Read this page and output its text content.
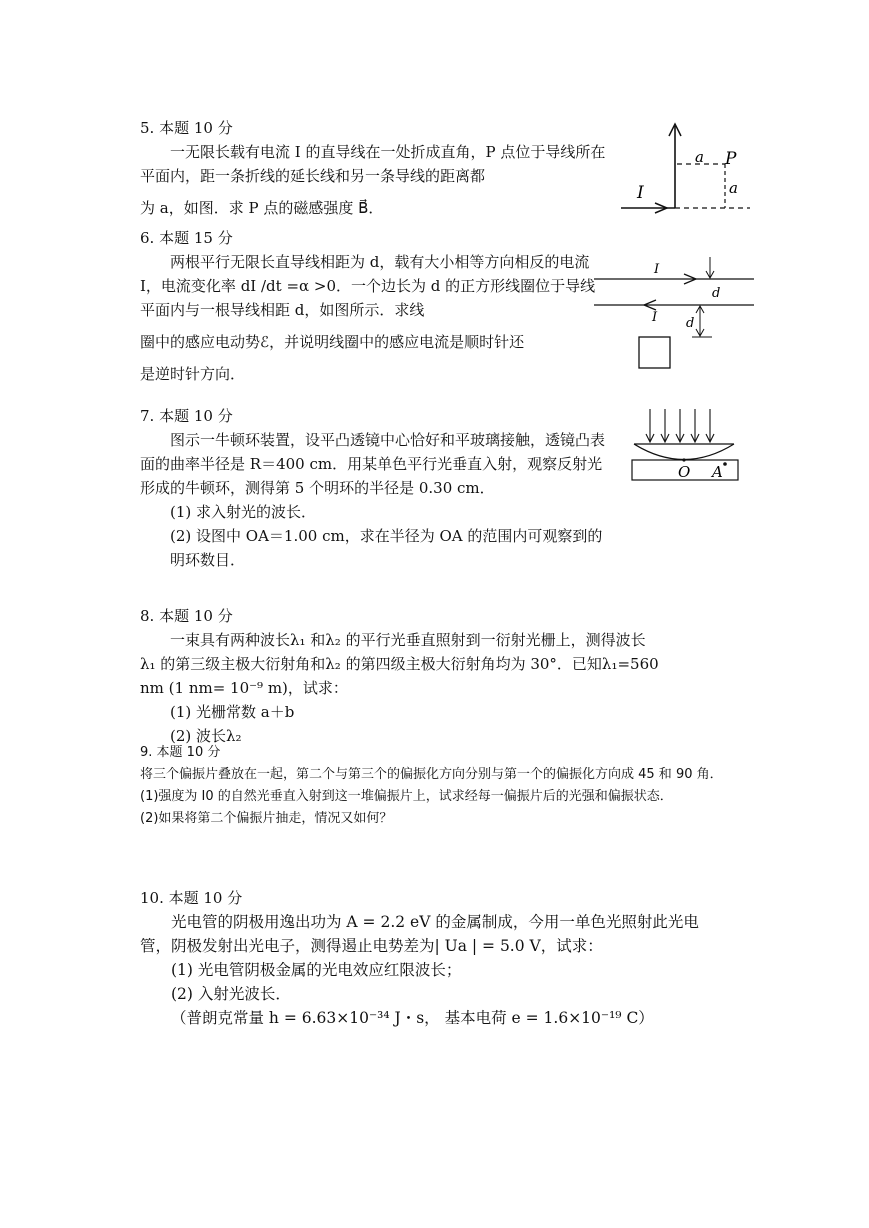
5. 本题 10 分

一无限长载有电流 I 的直导线在一处折成直角，P 点位于导线所在平面内，距一条折线的延长线和另一条导线的距离都

为 a，如图．求 P 点的磁感强度 B⃗．

a P
a
I

6. 本题 15 分

两根平行无限长直导线相距为 d，载有大小相等方向相反的电流 I，电流变化率 dI /dt =α >0．一个边长为 d 的正方形线圈位于导线平面内与一根导线相距 d，如图所示．求线

圈中的感应电动势ℰ，并说明线圈中的感应电流是顺时针还

是逆时针方向．

I
I
d
d

7. 本题 10 分

图示一牛顿环装置，设平凸透镜中心恰好和平玻璃接触，透镜凸表面的曲率半径是 R＝400 cm．用某单色平行光垂直入射，观察反射光形成的牛顿环，测得第 5 个明环的半径是 0.30 cm．

(1) 求入射光的波长．

(2) 设图中 OA＝1.00 cm，求在半径为 OA 的范围内可观察到的明环数目．

O A

8. 本题 10 分

一束具有两种波长λ₁ 和λ₂ 的平行光垂直照射到一衍射光栅上，测得波长λ₁ 的第三级主极大衍射角和λ₂ 的第四级主极大衍射角均为 30°．已知λ₁=560 nm (1 nm= 10⁻⁹ m)，试求：

(1) 光栅常数 a＋b

(2) 波长λ₂

9. 本题 10 分

将三个偏振片叠放在一起，第二个与第三个的偏振化方向分别与第一个的偏振化方向成 45 和 90 角．

(1)强度为 I0 的自然光垂直入射到这一堆偏振片上，试求经每一偏振片后的光强和偏振状态．

(2)如果将第二个偏振片抽走，情况又如何？

10. 本题 10 分

光电管的阴极用逸出功为 A = 2.2 eV 的金属制成，今用一单色光照射此光电管，阴极发射出光电子，测得遏止电势差为| Ua | = 5.0 V，试求：

(1) 光电管阴极金属的光电效应红限波长；

(2) 入射光波长．

（普朗克常量 h = 6.63×10⁻³⁴ J・s， 基本电荷 e = 1.6×10⁻¹⁹ C）
